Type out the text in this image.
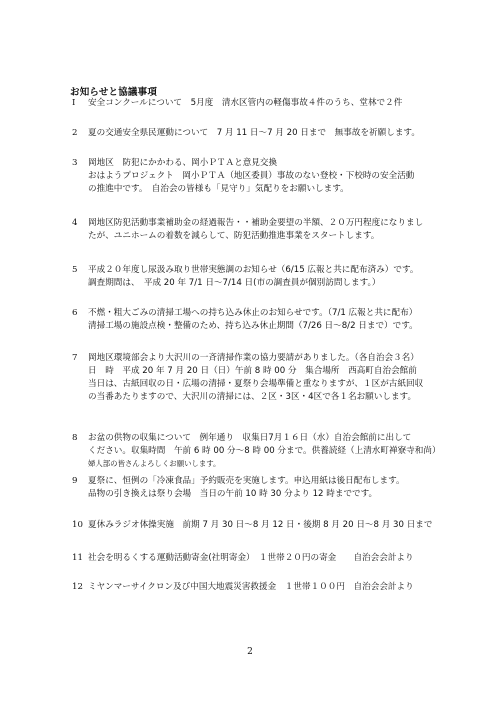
お知らせと協議事項
I 安全コンクールについて　5月度　清水区管内の軽傷事故４件のうち、堂林で２件
2 夏の交通安全県民運動について　7 月 11 日～7 月 20 日まで　無事故を祈願します。
3 岡地区　防犯にかかわる、岡小ＰＴＡと意見交換
おはようプロジェクト　岡小ＰＴＡ（地区委員）事故のない登校・下校時の安全活動
の推進中です。　自治会の皆様も「見守り」気配りをお願いします。
4 岡地区防犯活動事業補助金の経過報告・・補助金要望の半額、２０万円程度になりまし
たが、ユニホームの着数を減らして、防犯活動推進事業をスタートします。
5 平成２０年度し尿汲み取り世帯実態調のお知らせ（6/15 広報と共に配布済み）です。
調査期間は、　平成 20 年 7/1 日～7/14 日(市の調査員が個別訪問します。）
6 不燃・粗大ごみの清掃工場への持ち込み休止のお知らせです。（7/1 広報と共に配布）
清掃工場の施設点検・整備のため、持ち込み休止期間（7/26 日～8/2 日まで）です。
7 岡地区環境部会より大沢川の一斉清掃作業の協力要請がありました。（各自治会３名）
日　時　平成 20 年 7 月 20 日（日）午前 8 時 00 分　集合場所　西高町自治会館前
当日は、古紙回収の日・広場の清掃・夏祭り会場準備と重なりますが、１区が古紙回収
の当番あたりますので、大沢川の清掃には、２区・3区・4区で各１名お願いします。
8 お盆の供物の収集について　例年通り　収集日7月１６日（水）自治会館前に出して
ください。収集時間　午前 6 時 00 分～8 時 00 分まで。供養読経（上清水町禅寮寺和尚）
婦人部の皆さんよろしくお願いします。
9 夏祭に、恒例の「冷凍食品」予約販売を実施します。申込用紙は後日配布します。
品物の引き換えは祭り会場　当日の午前 10 時 30 分より 12 時までです。
10 夏休みラジオ体操実施　前期 7 月 30 日～8 月 12 日・後期 8 月 20 日～8 月 30 日まで
11 社会を明るくする運動活動寄金(社明寄金）　１世帯２０円の寄金　　自治会会計より
12 ミヤンマーサイクロン及び中国大地震災害救援金　１世帯１００円　自治会会計より
2
